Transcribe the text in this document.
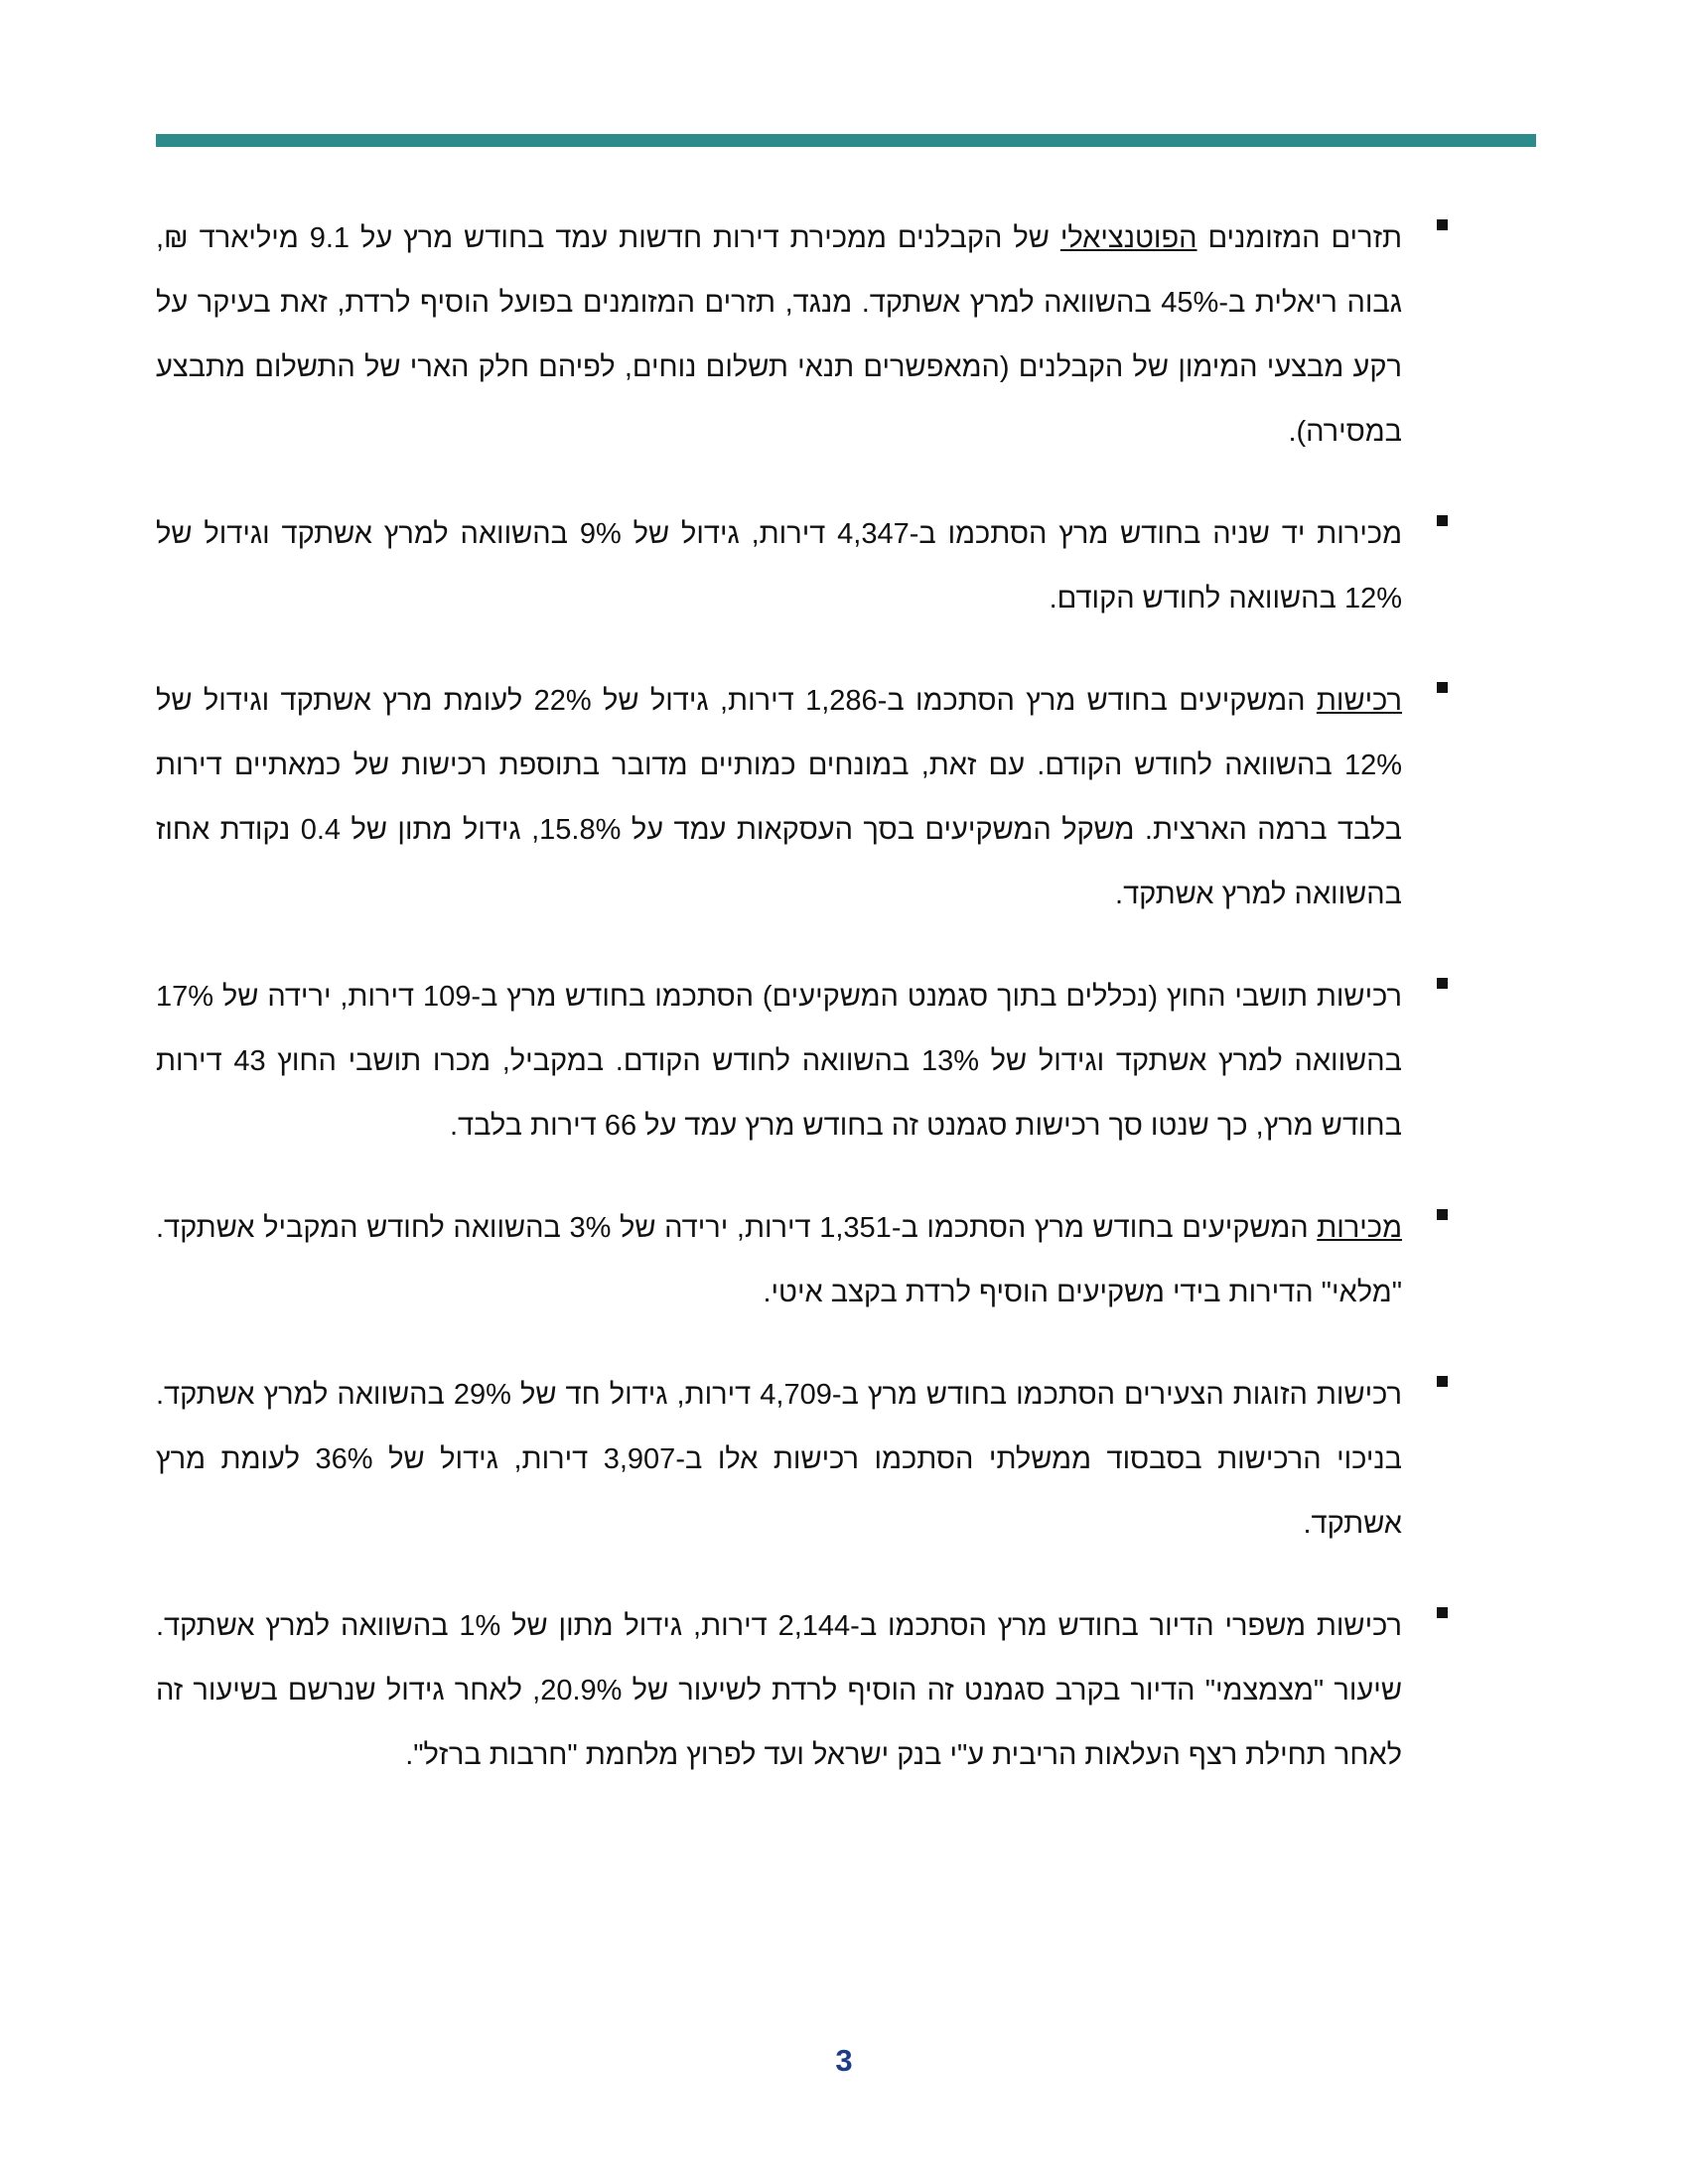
תזרים המזומנים הפוטנציאלי של הקבלנים ממכירת דירות חדשות עמד בחודש מרץ על 9.1 מיליארד ₪, גבוה ריאלית ב-45% בהשוואה למרץ אשתקד. מנגד, תזרים המזומנים בפועל הוסיף לרדת, זאת בעיקר על רקע מבצעי המימון של הקבלנים (המאפשרים תנאי תשלום נוחים, לפיהם חלק הארי של התשלום מתבצע במסירה).

מכירות יד שניה בחודש מרץ הסתכמו ב-4,347 דירות, גידול של 9% בהשוואה למרץ אשתקד וגידול של 12% בהשוואה לחודש הקודם.

רכישות המשקיעים בחודש מרץ הסתכמו ב-1,286 דירות, גידול של 22% לעומת מרץ אשתקד וגידול של 12% בהשוואה לחודש הקודם. עם זאת, במונחים כמותיים מדובר בתוספת רכישות של כמאתיים דירות בלבד ברמה הארצית. משקל המשקיעים בסך העסקאות עמד על 15.8%, גידול מתון של 0.4 נקודת אחוז בהשוואה למרץ אשתקד.

רכישות תושבי החוץ (נכללים בתוך סגמנט המשקיעים) הסתכמו בחודש מרץ ב-109 דירות, ירידה של 17% בהשוואה למרץ אשתקד וגידול של 13% בהשוואה לחודש הקודם. במקביל, מכרו תושבי החוץ 43 דירות בחודש מרץ, כך שנטו סך רכישות סגמנט זה בחודש מרץ עמד על 66 דירות בלבד.

מכירות המשקיעים בחודש מרץ הסתכמו ב-1,351 דירות, ירידה של 3% בהשוואה לחודש המקביל אשתקד. "מלאי" הדירות בידי משקיעים הוסיף לרדת בקצב איטי.

רכישות הזוגות הצעירים הסתכמו בחודש מרץ ב-4,709 דירות, גידול חד של 29% בהשוואה למרץ אשתקד. בניכוי הרכישות בסבסוד ממשלתי הסתכמו רכישות אלו ב-3,907 דירות, גידול של 36% לעומת מרץ אשתקד.

רכישות משפרי הדיור בחודש מרץ הסתכמו ב-2,144 דירות, גידול מתון של 1% בהשוואה למרץ אשתקד. שיעור "מצמצמי" הדיור בקרב סגמנט זה הוסיף לרדת לשיעור של 20.9%, לאחר גידול שנרשם בשיעור זה לאחר תחילת רצף העלאות הריבית ע"י בנק ישראל ועד לפרוץ מלחמת "חרבות ברזל".

3
